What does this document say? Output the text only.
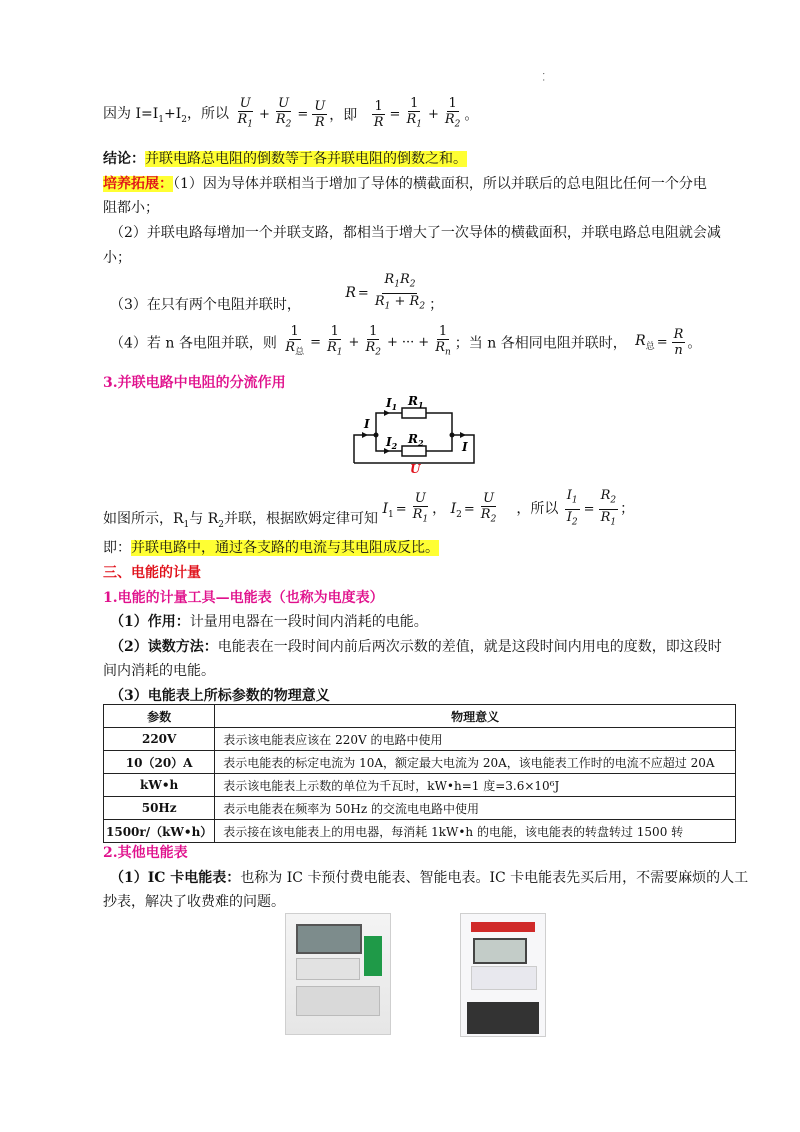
. .
因为 $I=I_1+I_2$，所以 $\frac{U}{R_1} + \frac{U}{R_2} = \frac{U}{R}$ ，即 $\frac{1}{R} = \frac{1}{R_1} + \frac{1}{R_2}$ 。
结论：并联电路总电阻的倒数等于各并联电阻的倒数之和。
培养拓展：（1）因为导体并联相当于增加了导体的横截面积，所以并联后的总电阻比任何一个分电
阻都小；
（2）并联电路每增加一个并联支路，都相当于增大了一次导体的横截面积，并联电路总电阻就会减
小；
（3）在只有两个电阻并联时， $R = \frac{R_1R_2}{R_1 + R_2}$ ；
（4）若 n 各电阻并联，则 $\frac{1}{R_总} = \frac{1}{R_1} + \frac{1}{R_2}$ + ··· + $\frac{1}{R_n}$ ；当 n 各相同电阻并联时， $R_总 = \frac{R}{n}$ 。
3.并联电路中电阻的分流作用
I
$I_1$ $R_1$
$I_2$ $R_2$	I
U
如图所示，$R_1$与 $R_2$并联，根据欧姆定律可知 $I_1 = \frac{U}{R_1}$ ， $I_2 = \frac{U}{R_2}$ ，所以 $\frac{I_1}{I_2} = \frac{R_2}{R_1}$ ；
即：并联电路中，通过各支路的电流与其电阻成反比。
三、电能的计量
1.电能的计量工具—电能表（也称为电度表）
（1）作用：计量用电器在一段时间内消耗的电能。
（2）读数方法：电能表在一段时间内前后两次示数的差值，就是这段时间内用电的度数，即这段时
间内消耗的电能。
（3）电能表上所标参数的物理意义
参数	物理意义
220V	表示该电能表应该在 220V 的电路中使用
10（20）A	表示电能表的标定电流为 10A，额定最大电流为 20A，该电能表工作时的电流不应超过 20A
kW•h	表示该电能表上示数的单位为千瓦时，kW•h=1 度=3.6×10⁶J
50Hz	表示电能表在频率为 50Hz 的交流电电路中使用
1500r/（kW•h）	表示接在该电能表上的用电器，每消耗 1kW•h 的电能，该电能表的转盘转过 1500 转
2.其他电能表
（1）IC 卡电能表：也称为 IC 卡预付费电能表、智能电表。IC 卡电能表先买后用，不需要麻烦的人工
抄表，解决了收费难的问题。
